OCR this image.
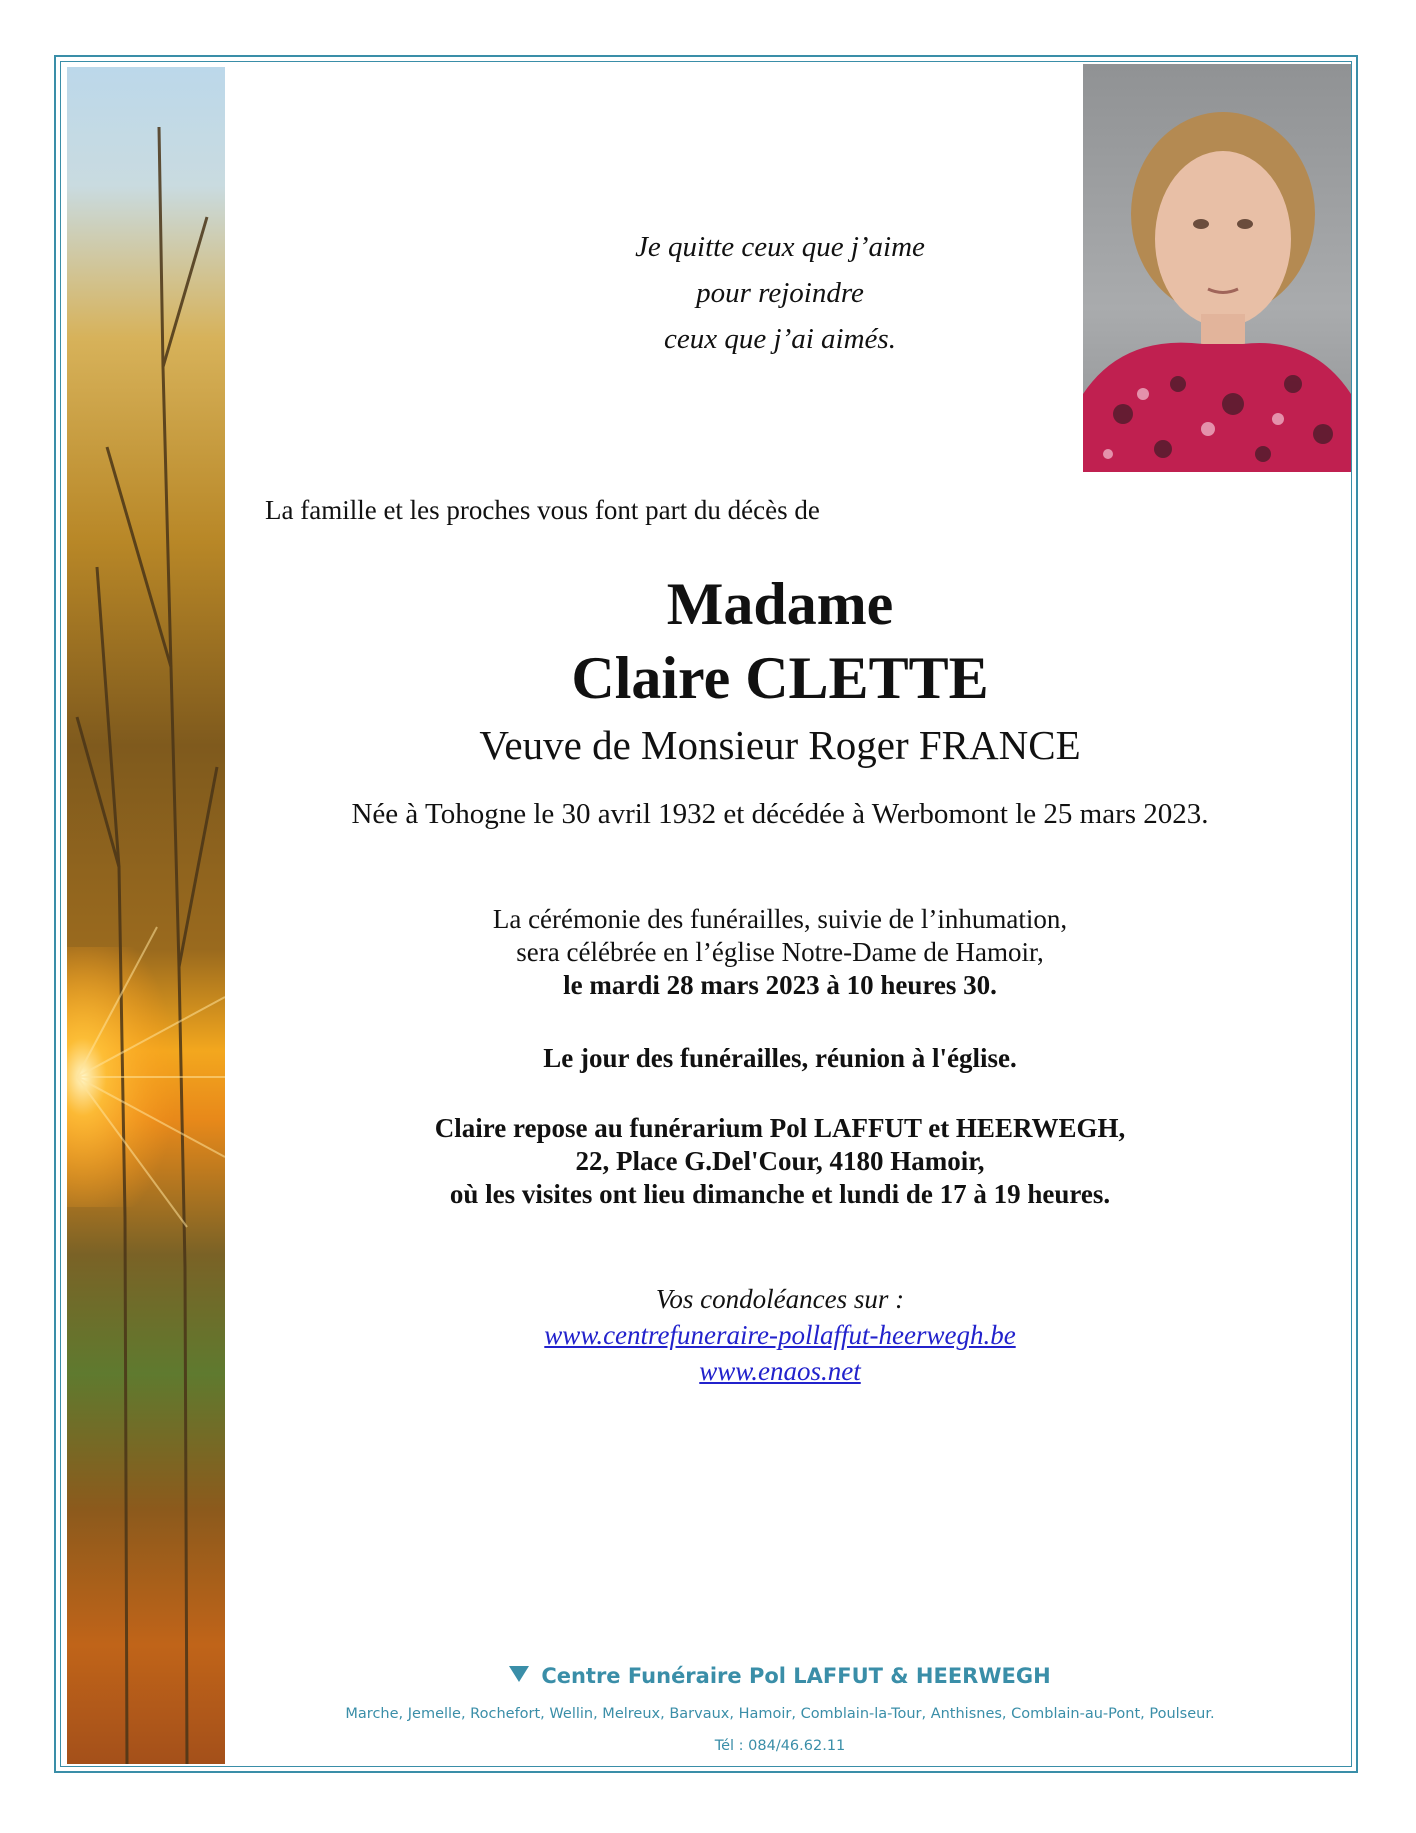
Je quitte ceux que j’aime
pour rejoindre
ceux que j’ai aimés.
La famille et les proches vous font part du décès de
Madame
Claire CLETTE
Veuve de Monsieur Roger FRANCE
Née à Tohogne le 30 avril 1932 et décédée à Werbomont le 25 mars 2023.
La cérémonie des funérailles, suivie de l’inhumation,
sera célébrée en l’église Notre-Dame de Hamoir,
le mardi 28 mars 2023 à 10 heures 30.
Le jour des funérailles, réunion à l'église.
Claire repose au funérarium Pol LAFFUT et HEERWEGH,
22, Place G.Del'Cour, 4180 Hamoir,
où les visites ont lieu dimanche et lundi de 17 à 19 heures.
Vos condoléances sur :
www.centrefuneraire-pollaffut-heerwegh.be
www.enaos.net
Centre Funéraire Pol LAFFUT & HEERWEGH
Marche, Jemelle, Rochefort, Wellin, Melreux, Barvaux, Hamoir, Comblain-la-Tour, Anthisnes, Comblain-au-Pont, Poulseur.
Tél : 084/46.62.11
